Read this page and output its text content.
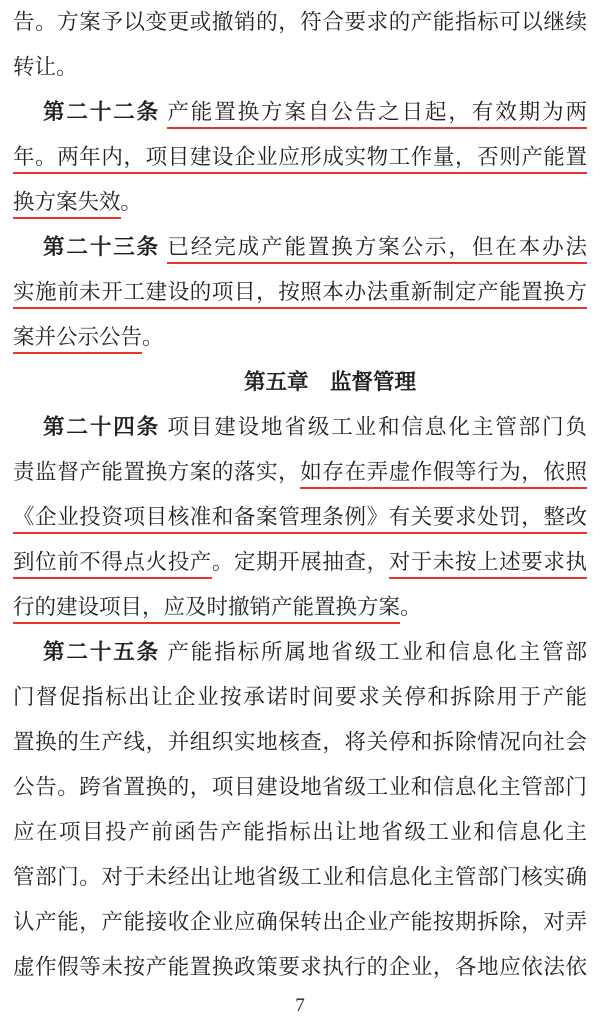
告。方案予以变更或撤销的，符合要求的产能指标可以继续
转让。
第二十二条 产能置换方案自公告之日起，有效期为两
年。两年内，项目建设企业应形成实物工作量，否则产能置
换方案失效。
第二十三条 已经完成产能置换方案公示，但在本办法
实施前未开工建设的项目，按照本办法重新制定产能置换方
案并公示公告。
第五章　监督管理
第二十四条 项目建设地省级工业和信息化主管部门负
责监督产能置换方案的落实，如存在弄虚作假等行为，依照
《企业投资项目核准和备案管理条例》有关要求处罚，整改
到位前不得点火投产。定期开展抽查，对于未按上述要求执
行的建设项目，应及时撤销产能置换方案。
第二十五条 产能指标所属地省级工业和信息化主管部
门督促指标出让企业按承诺时间要求关停和拆除用于产能
置换的生产线，并组织实地核查，将关停和拆除情况向社会
公告。跨省置换的，项目建设地省级工业和信息化主管部门
应在项目投产前函告产能指标出让地省级工业和信息化主
管部门。对于未经出让地省级工业和信息化主管部门核实确
认产能，产能接收企业应确保转出企业产能按期拆除，对弄
虚作假等未按产能置换政策要求执行的企业，各地应依法依
7
